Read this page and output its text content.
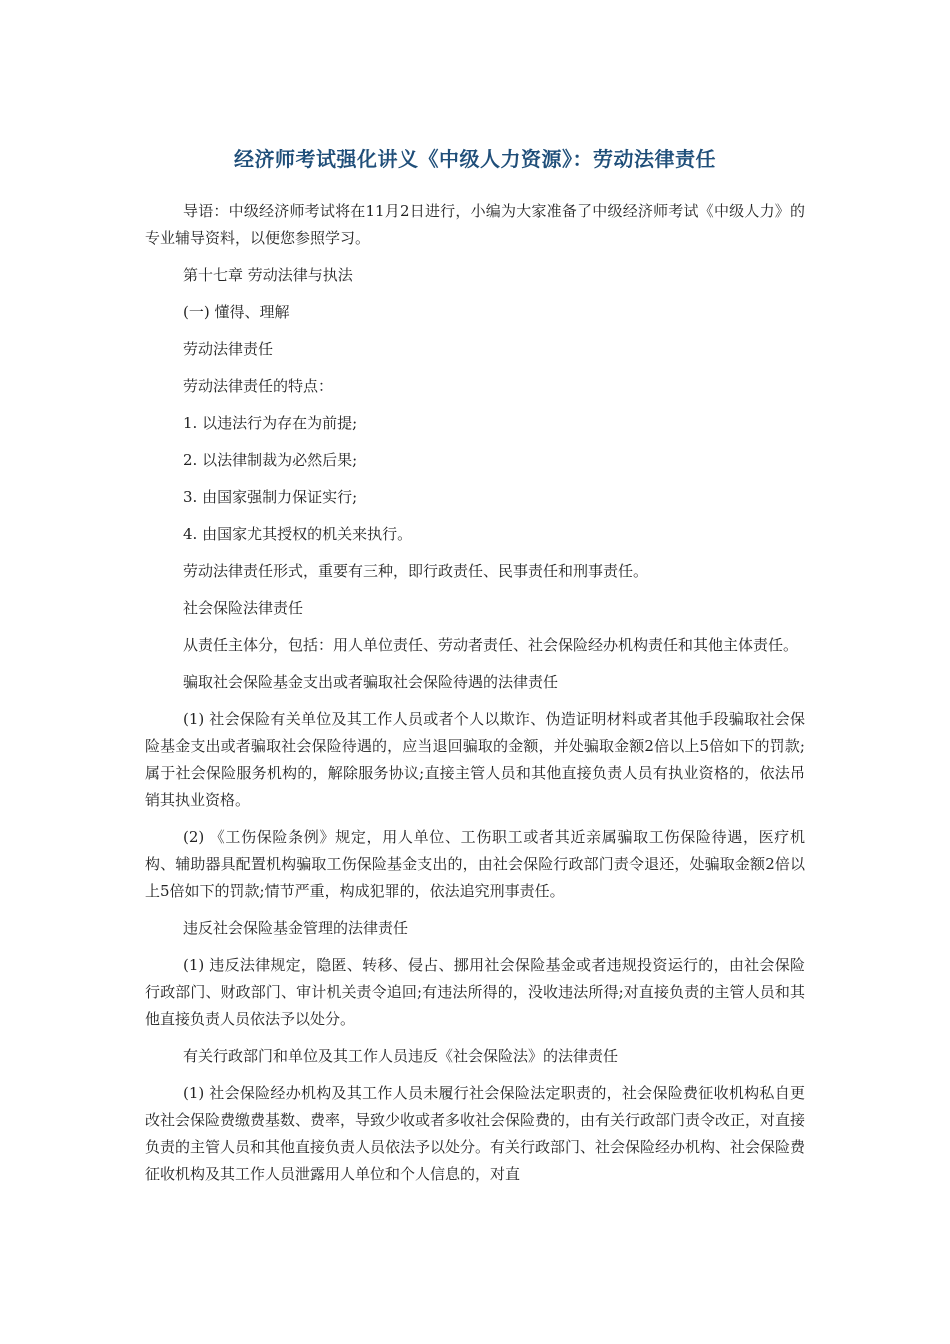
经济师考试强化讲义《中级人力资源》：劳动法律责任

导语：中级经济师考试将在11月2日进行，小编为大家准备了中级经济师考试《中级人力》的专业辅导资料，以便您参照学习。

第十七章 劳动法律与执法

(一) 懂得、理解

劳动法律责任

劳动法律责任的特点：

1. 以违法行为存在为前提;

2. 以法律制裁为必然后果;

3. 由国家强制力保证实行;

4. 由国家尤其授权的机关来执行。

劳动法律责任形式，重要有三种，即行政责任、民事责任和刑事责任。

社会保险法律责任

从责任主体分，包括：用人单位责任、劳动者责任、社会保险经办机构责任和其他主体责任。

骗取社会保险基金支出或者骗取社会保险待遇的法律责任

(1) 社会保险有关单位及其工作人员或者个人以欺诈、伪造证明材料或者其他手段骗取社会保险基金支出或者骗取社会保险待遇的，应当退回骗取的金额，并处骗取金额2倍以上5倍如下的罚款;属于社会保险服务机构的，解除服务协议;直接主管人员和其他直接负责人员有执业资格的，依法吊销其执业资格。

(2) 《工伤保险条例》规定，用人单位、工伤职工或者其近亲属骗取工伤保险待遇，医疗机构、辅助器具配置机构骗取工伤保险基金支出的，由社会保险行政部门责令退还，处骗取金额2倍以上5倍如下的罚款;情节严重，构成犯罪的，依法追究刑事责任。

违反社会保险基金管理的法律责任

(1) 违反法律规定，隐匿、转移、侵占、挪用社会保险基金或者违规投资运行的，由社会保险行政部门、财政部门、审计机关责令追回;有违法所得的，没收违法所得;对直接负责的主管人员和其他直接负责人员依法予以处分。

有关行政部门和单位及其工作人员违反《社会保险法》的法律责任

(1) 社会保险经办机构及其工作人员未履行社会保险法定职责的，社会保险费征收机构私自更改社会保险费缴费基数、费率，导致少收或者多收社会保险费的，由有关行政部门责令改正，对直接负责的主管人员和其他直接负责人员依法予以处分。有关行政部门、社会保险经办机构、社会保险费征收机构及其工作人员泄露用人单位和个人信息的，对直
